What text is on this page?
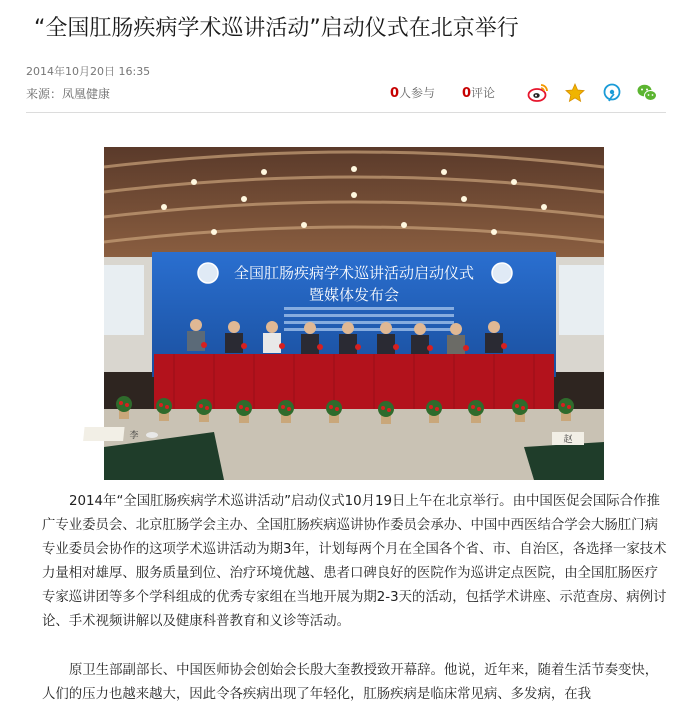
“全国肛肠疾病学术巡讲活动”启动仪式在北京举行
2014年10月20日 16:35
来源：凤凰健康	0人参与 0评论
全国肛肠疾病学术巡讲活动启动仪式
暨媒体发布会
李	赵

2014年“全国肛肠疾病学术巡讲活动”启动仪式10月19日上午在北京举行。由中国医促会国际合作推广专业委员会、北京肛肠学会主办、全国肛肠疾病巡讲协作委员会承办、中国中西医结合学会大肠肛门病专业委员会协作的这项学术巡讲活动为期3年，计划每两个月在全国各个省、市、自治区，各选择一家技术力量相对雄厚、服务质量到位、治疗环境优越、患者口碑良好的医院作为巡讲定点医院，由全国肛肠医疗专家巡讲团等多个学科组成的优秀专家组在当地开展为期2-3天的活动，包括学术讲座、示范查房、病例讨论、手术视频讲解以及健康科普教育和义诊等活动。

原卫生部副部长、中国医师协会创始会长殷大奎教授致开幕辞。他说，近年来，随着生活节奏变快，人们的压力也越来越大，因此令各疾病出现了年轻化，肛肠疾病是临床常见病、多发病，在我
